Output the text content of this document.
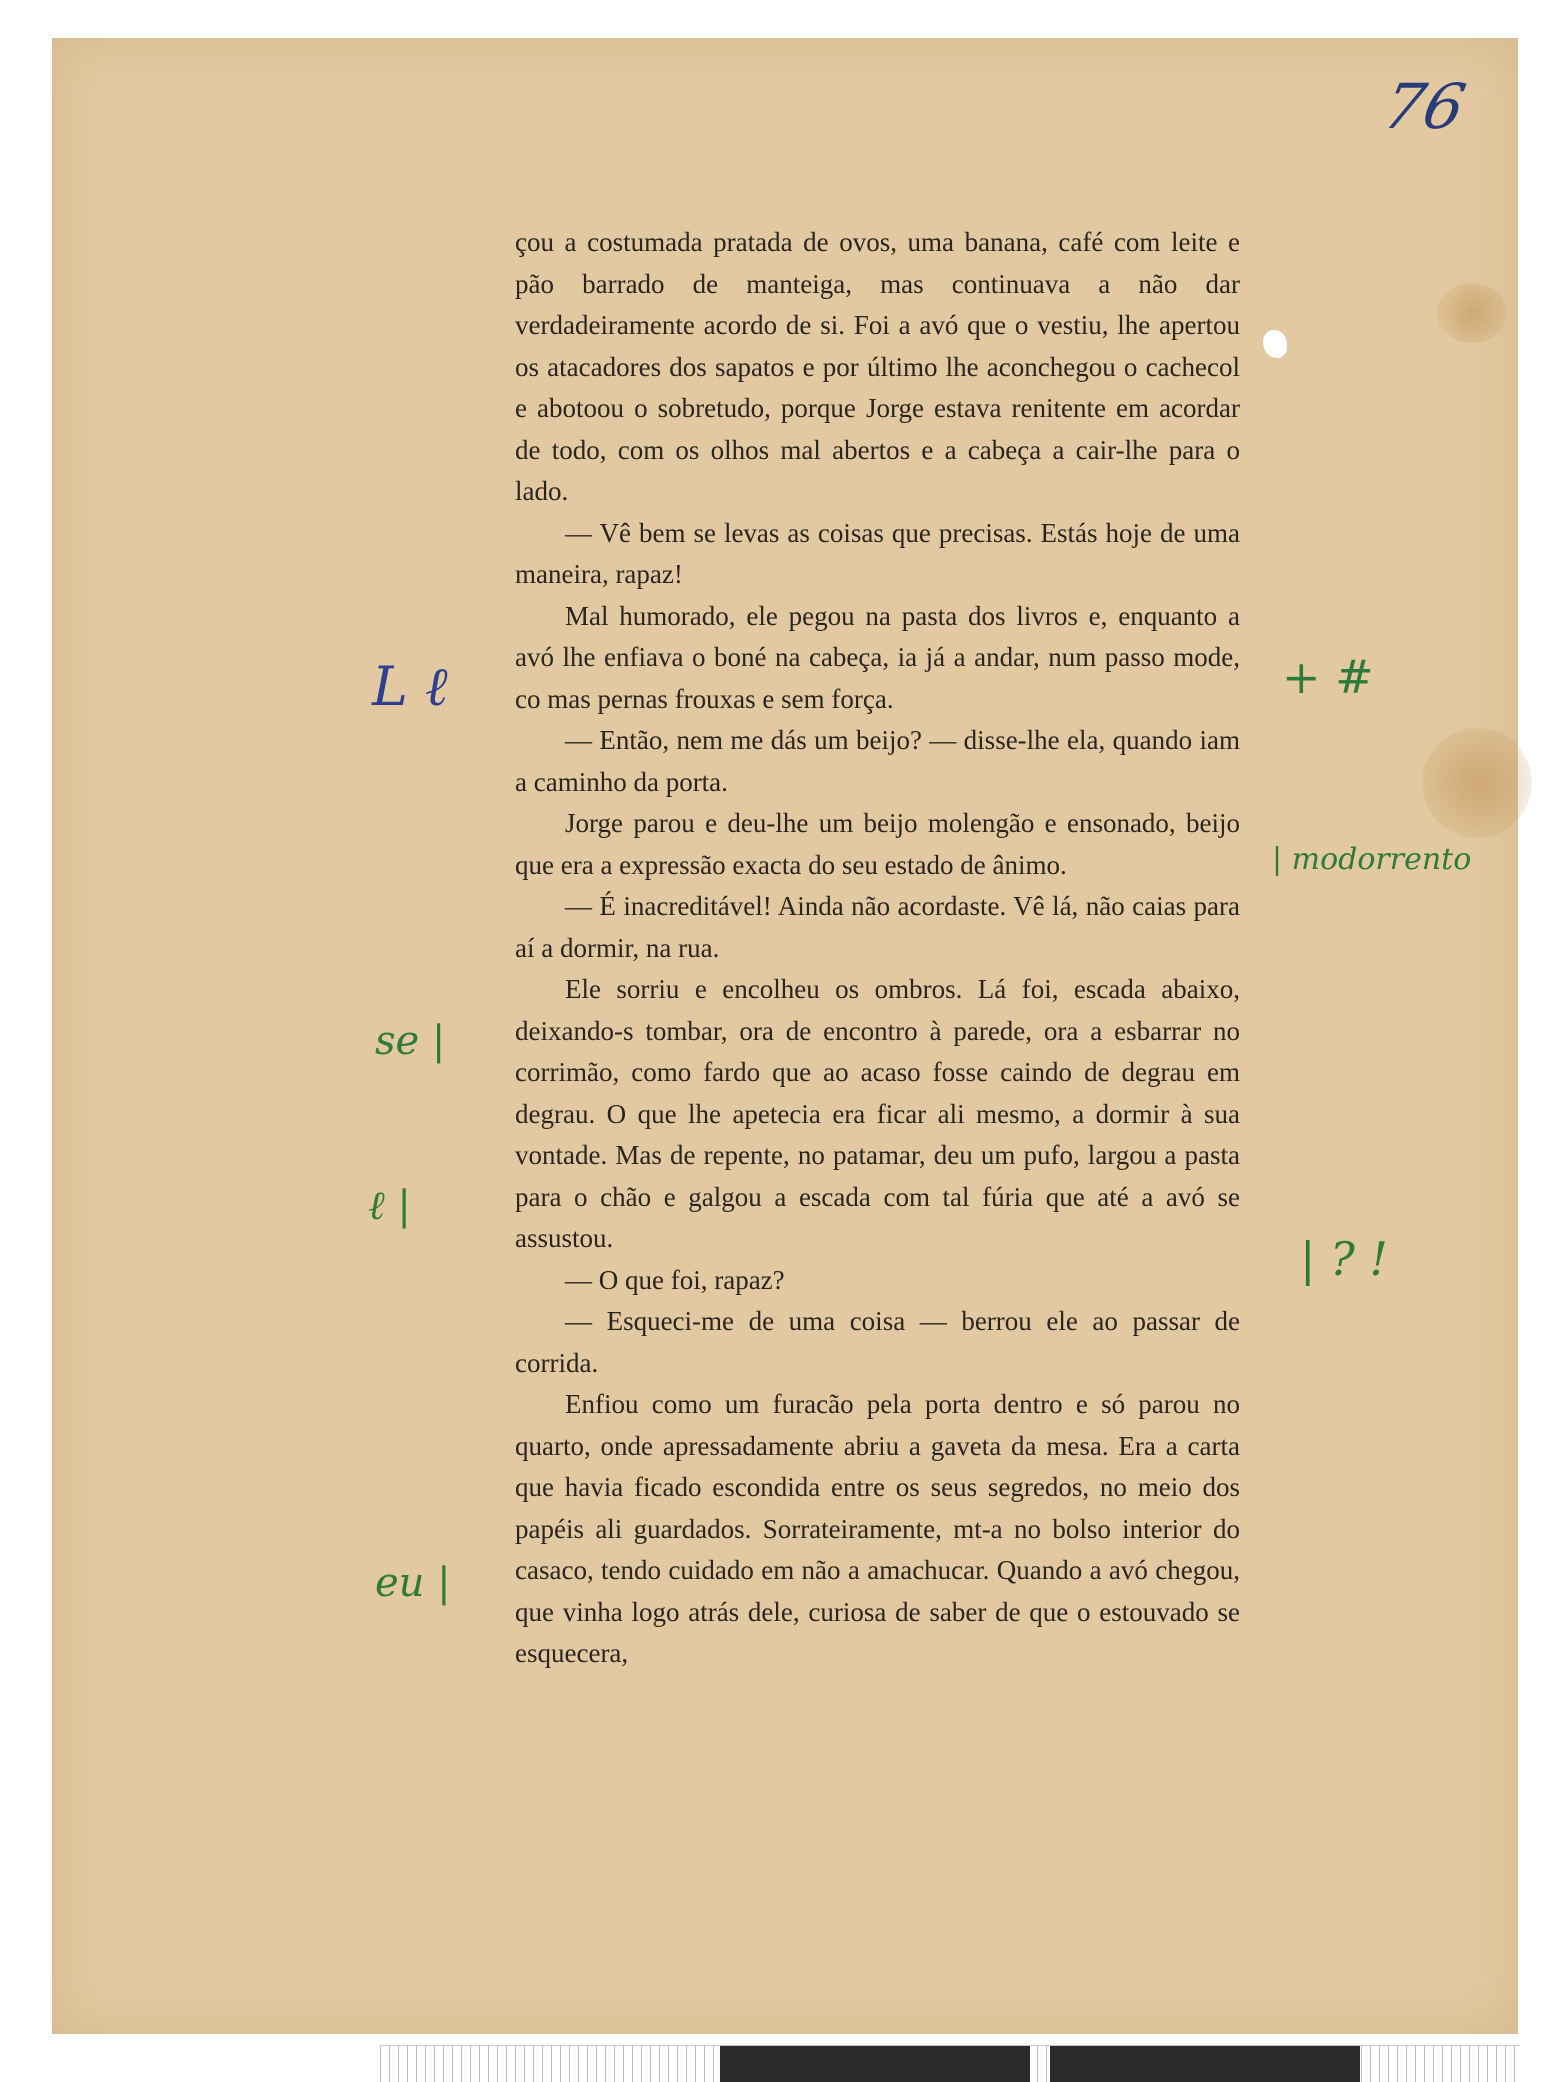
76

çou a costumada pratada de ovos, uma banana, café com leite e pão barrado de manteiga, mas continuava a não dar verdadeiramente acordo de si. Foi a avó que o vestiu, lhe apertou os atacadores dos sapatos e por último lhe aconchegou o cachecol e abotoou o sobretudo, porque Jorge estava renitente em acordar de todo, com os olhos mal abertos e a cabeça a cair-lhe para o lado.

— Vê bem se levas as coisas que precisas. Estás hoje de uma maneira, rapaz!

Mal humorado, ele pegou na pasta dos livros e, enquanto a avó lhe enfiava o boné na cabeça, ia já a andar, num passo mode, co mas pernas frouxas e sem força.

— Então, nem me dás um beijo? — disse-lhe ela, quando iam a caminho da porta.

Jorge parou e deu-lhe um beijo molengão e ensonado, beijo que era a expressão exacta do seu estado de ânimo.

— É inacreditável! Ainda não acordaste. Vê lá, não caias para aí a dormir, na rua.

Ele sorriu e encolheu os ombros. Lá foi, escada abaixo, deixando-s tombar, ora de encontro à parede, ora a esbarrar no corrimão, como fardo que ao acaso fosse caindo de degrau em degrau. O que lhe apetecia era ficar ali mesmo, a dormir à sua vontade. Mas de repente, no patamar, deu um pufo, largou a pasta para o chão e galgou a escada com tal fúria que até a avó se assustou.

— O que foi, rapaz?

— Esqueci-me de uma coisa — berrou ele ao passar de corrida.

Enfiou como um furacão pela porta dentro e só parou no quarto, onde apressadamente abriu a gaveta da mesa. Era a carta que havia ficado escondida entre os seus segredos, no meio dos papéis ali guardados. Sorrateiramente, mt-a no bolso interior do casaco, tendo cuidado em não a amachucar. Quando a avó chegou, que vinha logo atrás dele, curiosa de saber de que o estouvado se esquecera,

L ℓ	+ #
| modorrento
se |
ℓ |
| ? !
eu |
